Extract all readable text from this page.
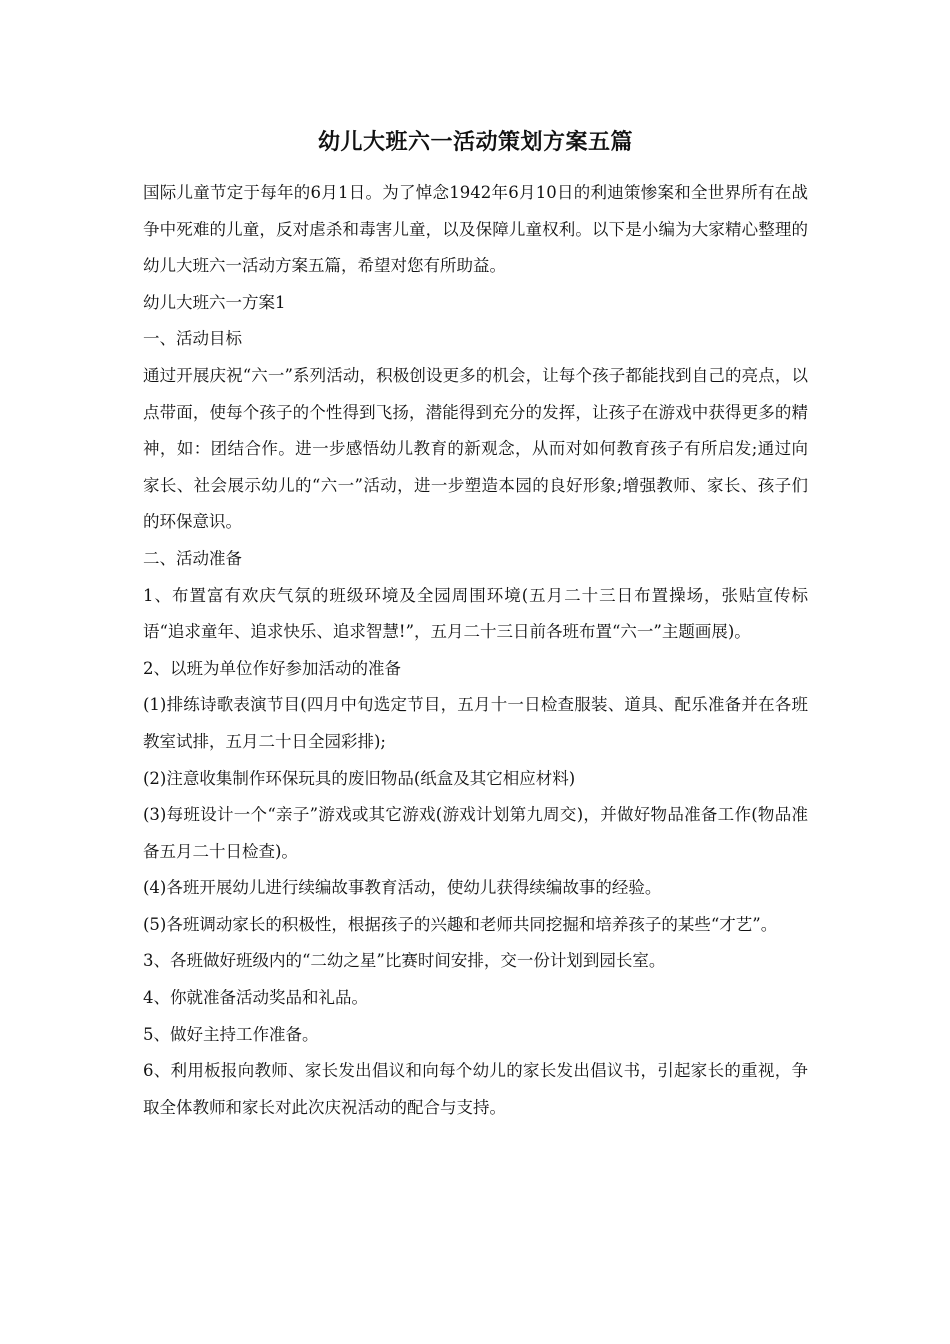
幼儿大班六一活动策划方案五篇

国际儿童节定于每年的6月1日。为了悼念1942年6月10日的利迪策惨案和全世界所有在战争中死难的儿童，反对虐杀和毒害儿童，以及保障儿童权利。以下是小编为大家精心整理的幼儿大班六一活动方案五篇，希望对您有所助益。

幼儿大班六一方案1

一、活动目标

通过开展庆祝“六一”系列活动，积极创设更多的机会，让每个孩子都能找到自己的亮点，以点带面，使每个孩子的个性得到飞扬，潜能得到充分的发挥，让孩子在游戏中获得更多的精神，如：团结合作。进一步感悟幼儿教育的新观念，从而对如何教育孩子有所启发;通过向家长、社会展示幼儿的“六一”活动，进一步塑造本园的良好形象;增强教师、家长、孩子们的环保意识。

二、活动准备

1、布置富有欢庆气氛的班级环境及全园周围环境(五月二十三日布置操场，张贴宣传标语“追求童年、追求快乐、追求智慧!”，五月二十三日前各班布置“六一”主题画展)。

2、以班为单位作好参加活动的准备

(1)排练诗歌表演节目(四月中旬选定节目，五月十一日检查服装、道具、配乐准备并在各班教室试排，五月二十日全园彩排);

(2)注意收集制作环保玩具的废旧物品(纸盒及其它相应材料)

(3)每班设计一个“亲子”游戏或其它游戏(游戏计划第九周交)，并做好物品准备工作(物品准备五月二十日检查)。

(4)各班开展幼儿进行续编故事教育活动，使幼儿获得续编故事的经验。

(5)各班调动家长的积极性，根据孩子的兴趣和老师共同挖掘和培养孩子的某些“才艺”。

3、各班做好班级内的“二幼之星”比赛时间安排，交一份计划到园长室。

4、你就准备活动奖品和礼品。

5、做好主持工作准备。

6、利用板报向教师、家长发出倡议和向每个幼儿的家长发出倡议书，引起家长的重视，争取全体教师和家长对此次庆祝活动的配合与支持。
